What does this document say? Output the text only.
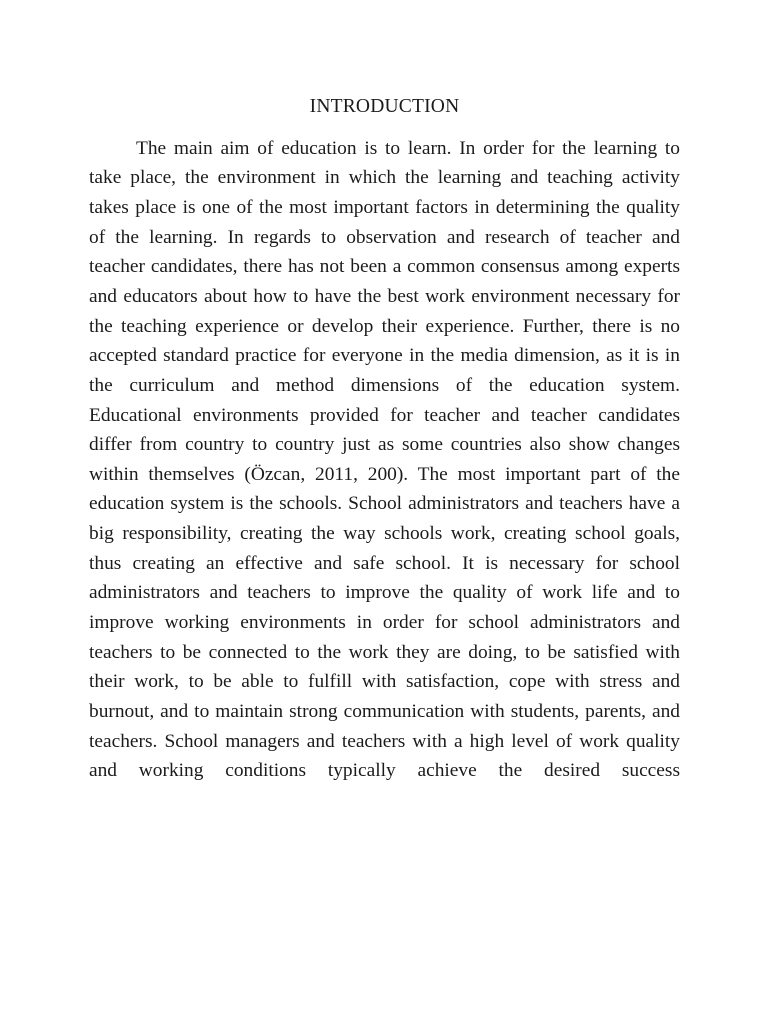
INTRODUCTION

The main aim of education is to learn. In order for the learning to take place, the environment in which the learning and teaching activity takes place is one of the most important factors in determining the quality of the learning. In regards to observation and research of teacher and teacher candidates, there has not been a common consensus among experts and educators about how to have the best work environment necessary for the teaching experience or develop their experience. Further, there is no accepted standard practice for everyone in the media dimension, as it is in the curriculum and method dimensions of the education system. Educational environments provided for teacher and teacher candidates differ from country to country just as some countries also show changes within themselves (Özcan, 2011, 200). The most important part of the education system is the schools. School administrators and teachers have a big responsibility, creating the way schools work, creating school goals, thus creating an effective and safe school. It is necessary for school administrators and teachers to improve the quality of work life and to improve working environments in order for school administrators and teachers to be connected to the work they are doing, to be satisfied with their work, to be able to fulfill with satisfaction, cope with stress and burnout, and to maintain strong communication with students, parents, and teachers. School managers and teachers with a high level of work quality and working conditions typically achieve the desired success
